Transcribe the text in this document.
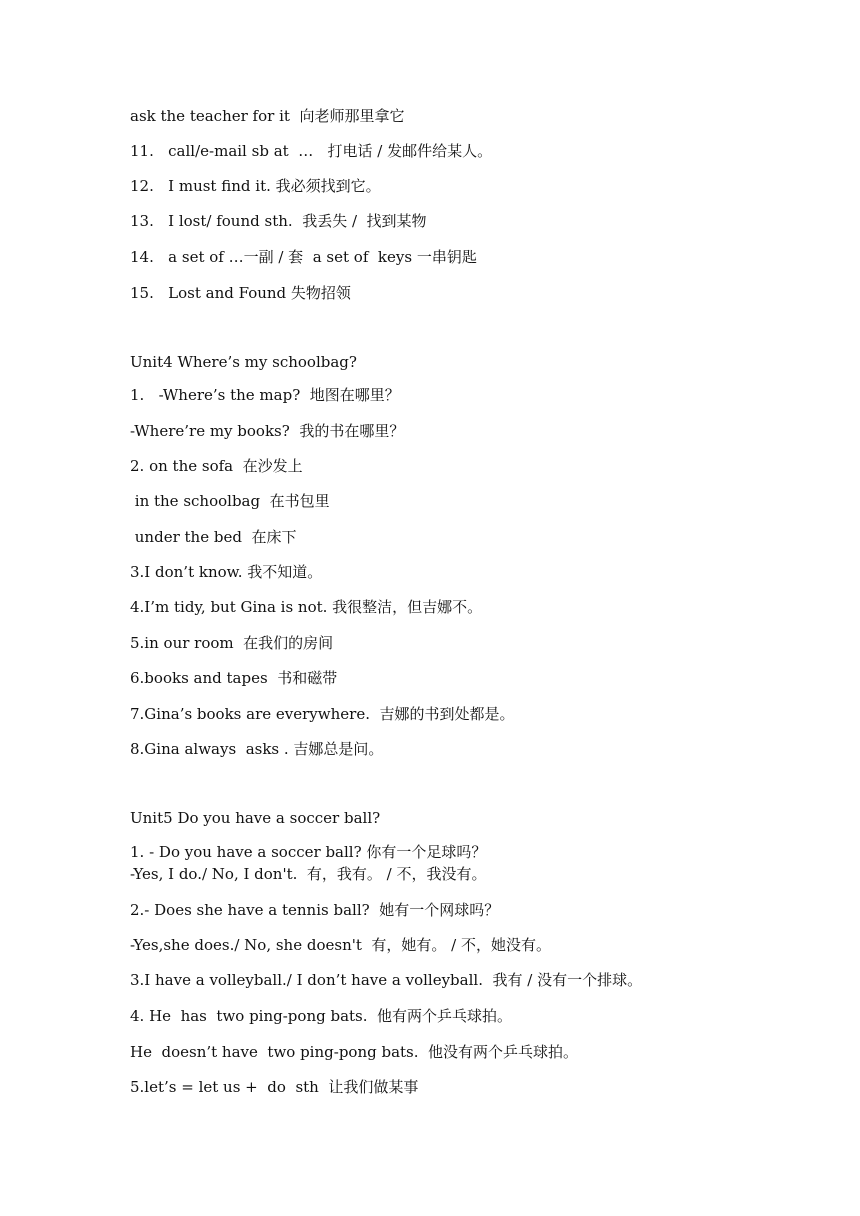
ask the teacher for it  向老师那里拿它
11.   call/e-mail sb at  …   打电话 / 发邮件给某人。
12.   I must find it. 我必须找到它。
13.   I lost/ found sth.  我丢失 /  找到某物
14.   a set of …一副 / 套  a set of  keys 一串钥匙
15.   Lost and Found 失物招领
Unit4 Where’s my schoolbag?
1.   -Where’s the map?  地图在哪里？
-Where’re my books?  我的书在哪里？
2. on the sofa  在沙发上
in the schoolbag  在书包里
under the bed  在床下
3.I don’t know. 我不知道。
4.I’m tidy, but Gina is not. 我很整洁，但吉娜不。
5.in our room  在我们的房间
6.books and tapes  书和磁带
7.Gina’s books are everywhere.  吉娜的书到处都是。
8.Gina always  asks . 吉娜总是问。
Unit5 Do you have a soccer ball?
1. - Do you have a soccer ball? 你有一个足球吗？
-Yes, I do./ No, I don't.  有，我有。 / 不，我没有。
2.- Does she have a tennis ball?  她有一个网球吗？
-Yes,she does./ No, she doesn't  有，她有。 / 不，她没有。
3.I have a volleyball./ I don’t have a volleyball.  我有 / 没有一个排球。
4. He  has  two ping-pong bats.  他有两个乒乓球拍。
He  doesn’t have  two ping-pong bats.  他没有两个乒乓球拍。
5.let’s = let us +  do  sth  让我们做某事
